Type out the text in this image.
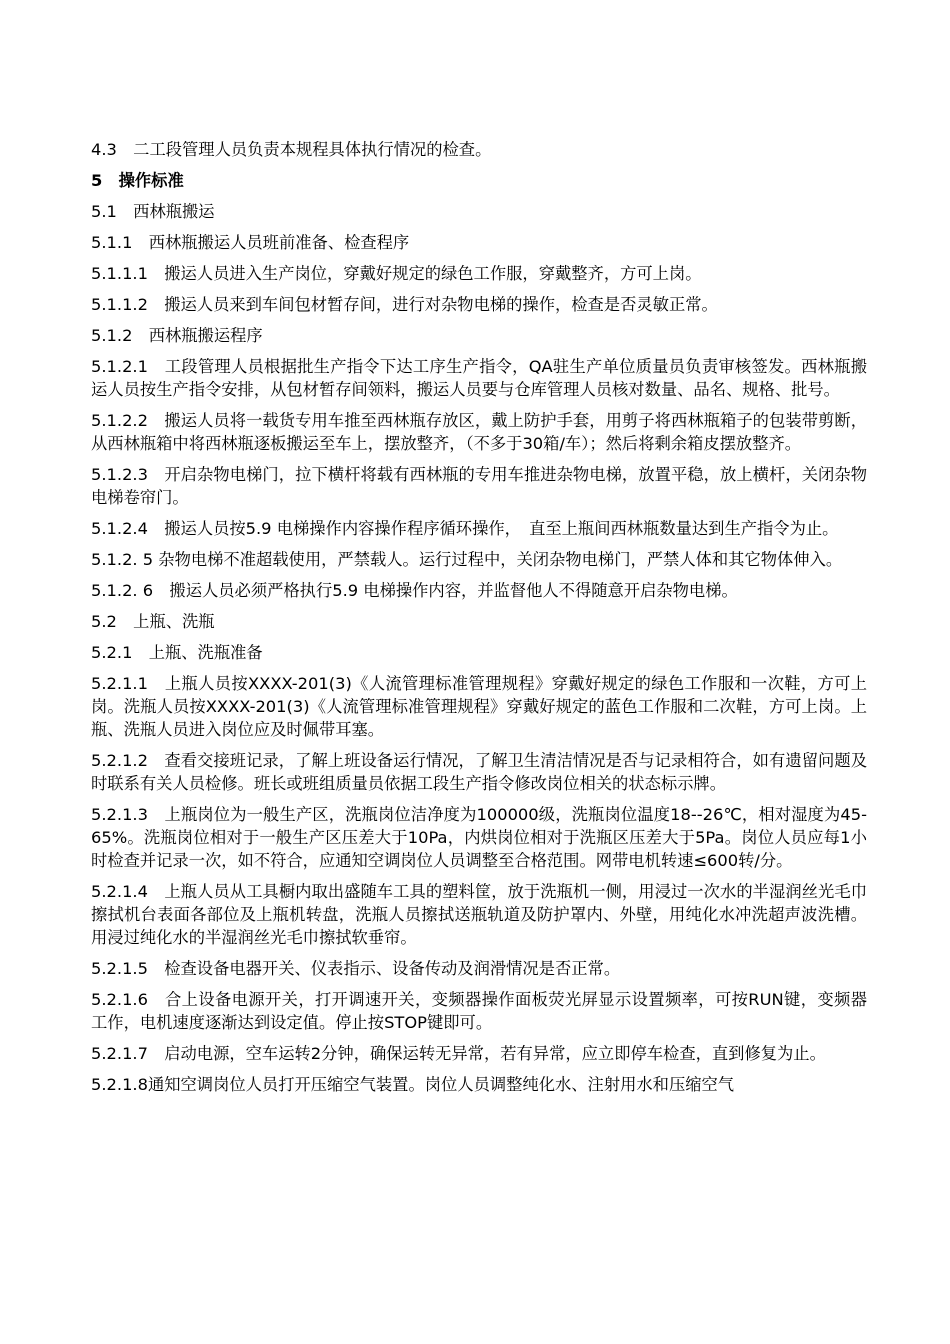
4.3　二工段管理人员负责本规程具体执行情况的检查。

5　操作标准

5.1　西林瓶搬运

5.1.1　西林瓶搬运人员班前准备、检查程序

5.1.1.1　搬运人员进入生产岗位，穿戴好规定的绿色工作服，穿戴整齐，方可上岗。

5.1.1.2　搬运人员来到车间包材暂存间，进行对杂物电梯的操作，检查是否灵敏正常。

5.1.2　西林瓶搬运程序

5.1.2.1　工段管理人员根据批生产指令下达工序生产指令，QA驻生产单位质量员负责审核签发。西林瓶搬运人员按生产指令安排，从包材暂存间领料，搬运人员要与仓库管理人员核对数量、品名、规格、批号。

5.1.2.2　搬运人员将一载货专用车推至西林瓶存放区，戴上防护手套，用剪子将西林瓶箱子的包装带剪断，从西林瓶箱中将西林瓶逐板搬运至车上，摆放整齐，（不多于30箱/车）；然后将剩余箱皮摆放整齐。

5.1.2.3　开启杂物电梯门，拉下横杆将载有西林瓶的专用车推进杂物电梯，放置平稳，放上横杆，关闭杂物电梯卷帘门。

5.1.2.4　搬运人员按5.9 电梯操作内容操作程序循环操作，　直至上瓶间西林瓶数量达到生产指令为止。

5.1.2. 5 杂物电梯不准超载使用，严禁载人。运行过程中，关闭杂物电梯门，严禁人体和其它物体伸入。

5.1.2. 6　搬运人员必须严格执行5.9 电梯操作内容，并监督他人不得随意开启杂物电梯。

5.2　上瓶、洗瓶

5.2.1　上瓶、洗瓶准备

5.2.1.1　上瓶人员按XXXX-201(3)《人流管理标准管理规程》穿戴好规定的绿色工作服和一次鞋，方可上岗。洗瓶人员按XXXX-201(3)《人流管理标准管理规程》穿戴好规定的蓝色工作服和二次鞋，方可上岗。上瓶、洗瓶人员进入岗位应及时佩带耳塞。

5.2.1.2　查看交接班记录，了解上班设备运行情况，了解卫生清洁情况是否与记录相符合，如有遗留问题及时联系有关人员检修。班长或班组质量员依据工段生产指令修改岗位相关的状态标示牌。

5.2.1.3　上瓶岗位为一般生产区，洗瓶岗位洁净度为100000级，洗瓶岗位温度18--26℃，相对湿度为45-65%。洗瓶岗位相对于一般生产区压差大于10Pa，内烘岗位相对于洗瓶区压差大于5Pa。岗位人员应每1小时检查并记录一次，如不符合，应通知空调岗位人员调整至合格范围。网带电机转速≤600转/分。

5.2.1.4　上瓶人员从工具橱内取出盛随车工具的塑料筐，放于洗瓶机一侧，用浸过一次水的半湿润丝光毛巾擦拭机台表面各部位及上瓶机转盘，洗瓶人员擦拭送瓶轨道及防护罩内、外壁，用纯化水冲洗超声波洗槽。用浸过纯化水的半湿润丝光毛巾擦拭软垂帘。

5.2.1.5　检查设备电器开关、仪表指示、设备传动及润滑情况是否正常。

5.2.1.6　合上设备电源开关，打开调速开关，变频器操作面板荧光屏显示设置频率，可按RUN键，变频器工作，电机速度逐渐达到设定值。停止按STOP键即可。

5.2.1.7　启动电源，空车运转2分钟，确保运转无异常，若有异常，应立即停车检查，直到修复为止。

5.2.1.8通知空调岗位人员打开压缩空气装置。岗位人员调整纯化水、注射用水和压缩空气
